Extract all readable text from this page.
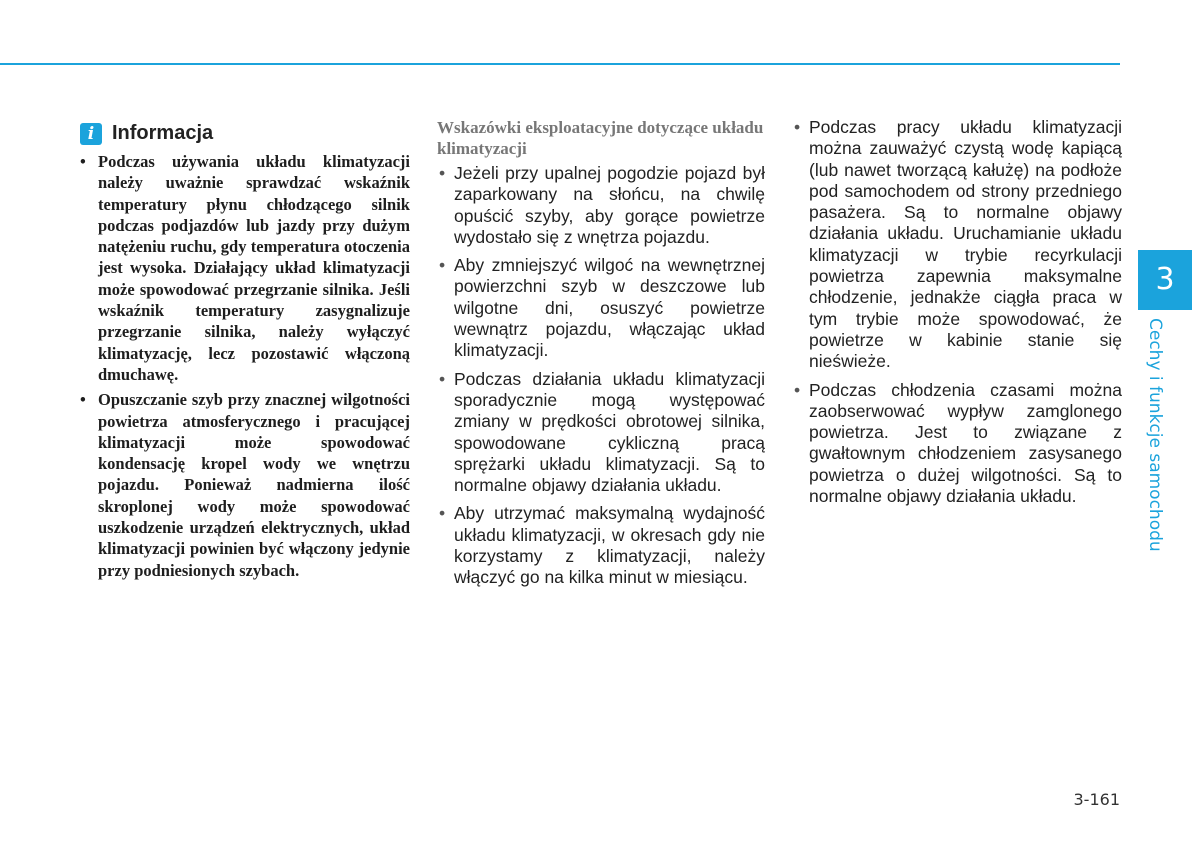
i Informacja
• Podczas używania układu klimatyzacji należy uważnie sprawdzać wskaźnik temperatury płynu chłodzącego silnik podczas podjazdów lub jazdy przy dużym natężeniu ruchu, gdy temperatura otoczenia jest wysoka. Działający układ klimatyzacji może spowodować przegrzanie silnika. Jeśli wskaźnik temperatury zasygnalizuje przegrzanie silnika, należy wyłączyć klimatyzację, lecz pozostawić włączoną dmuchawę.
• Opuszczanie szyb przy znacznej wilgotności powietrza atmosferycznego i pracującej klimatyzacji może spowodować kondensację kropel wody we wnętrzu pojazdu. Ponieważ nadmierna ilość skroplonej wody może spowodować uszkodzenie urządzeń elektrycznych, układ klimatyzacji powinien być włączony jedynie przy podniesionych szybach.
Wskazówki eksploatacyjne dotyczące układu klimatyzacji
• Jeżeli przy upalnej pogodzie pojazd był zaparkowany na słońcu, na chwilę opuścić szyby, aby gorące powietrze wydostało się z wnętrza pojazdu.
• Aby zmniejszyć wilgoć na wewnętrznej powierzchni szyb w deszczowe lub wilgotne dni, osuszyć powietrze wewnątrz pojazdu, włączając układ klimatyzacji.
• Podczas działania układu klimatyzacji sporadycznie mogą występować zmiany w prędkości obrotowej silnika, spowodowane cykliczną pracą sprężarki układu klimatyzacji. Są to normalne objawy działania układu.
• Aby utrzymać maksymalną wydajność układu klimatyzacji, w okresach gdy nie korzystamy z klimatyzacji, należy włączyć go na kilka minut w miesiącu.
• Podczas pracy układu klimatyzacji można zauważyć czystą wodę kapiącą (lub nawet tworzącą kałużę) na podłoże pod samochodem od strony przedniego pasażera. Są to normalne objawy działania układu. Uruchamianie układu klimatyzacji w trybie recyrkulacji powietrza zapewnia maksymalne chłodzenie, jednakże ciągła praca w tym trybie może spowodować, że powietrze w kabinie stanie się nieświeże.
• Podczas chłodzenia czasami można zaobserwować wypływ zamglonego powietrza. Jest to związane z gwałtownym chłodzeniem zasysanego powietrza o dużej wilgotności. Są to normalne objawy działania układu.
3
Cechy i funkcje samochodu
3-161
